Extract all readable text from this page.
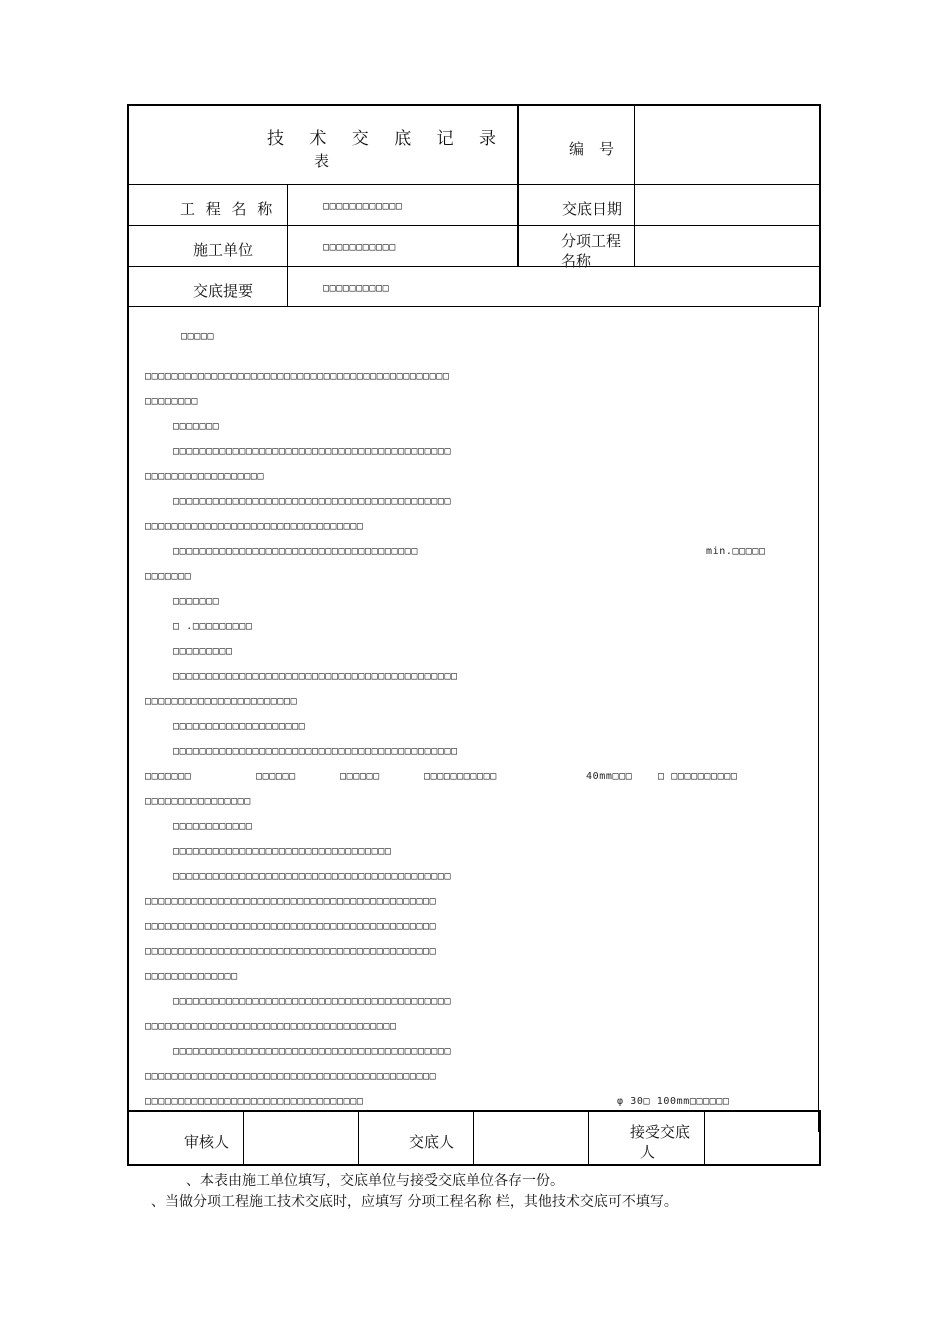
技 术 交 底 记 录
表
编　号
工 程 名 称	□□□□□□□□□□□□	交底日期
施工单位	□□□□□□□□□□□	分项工程
名称
交底提要	□□□□□□□□□□
□□□□□
□□□□□□□□□□□□□□□□□□□□□□□□□□□□□□□□□□□□□□□□□□□□□□
□□□□□□□□
□□□□□□□
□□□□□□□□□□□□□□□□□□□□□□□□□□□□□□□□□□□□□□□□□□
□□□□□□□□□□□□□□□□□□
□□□□□□□□□□□□□□□□□□□□□□□□□□□□□□□□□□□□□□□□□□
□□□□□□□□□□□□□□□□□□□□□□□□□□□□□□□□□
□□□□□□□□□□□□□□□□□□□□□□□□□□□□□□□□□□□□□	min.□□□□□
□□□□□□□
□□□□□□□
□ .□□□□□□□□□
□□□□□□□□□
□□□□□□□□□□□□□□□□□□□□□□□□□□□□□□□□□□□□□□□□□□□
□□□□□□□□□□□□□□□□□□□□□□□
□□□□□□□□□□□□□□□□□□□□
□□□□□□□□□□□□□□□□□□□□□□□□□□□□□□□□□□□□□□□□□□□
□□□□□□□	□□□□□□	□□□□□□	□□□□□□□□□□□	40mm□□□	□ □□□□□□□□□□
□□□□□□□□□□□□□□□□
□□□□□□□□□□□□
□□□□□□□□□□□□□□□□□□□□□□□□□□□□□□□□□
□□□□□□□□□□□□□□□□□□□□□□□□□□□□□□□□□□□□□□□□□□
□□□□□□□□□□□□□□□□□□□□□□□□□□□□□□□□□□□□□□□□□□□□
□□□□□□□□□□□□□□□□□□□□□□□□□□□□□□□□□□□□□□□□□□□□
□□□□□□□□□□□□□□□□□□□□□□□□□□□□□□□□□□□□□□□□□□□□
□□□□□□□□□□□□□□
□□□□□□□□□□□□□□□□□□□□□□□□□□□□□□□□□□□□□□□□□□
□□□□□□□□□□□□□□□□□□□□□□□□□□□□□□□□□□□□□□
□□□□□□□□□□□□□□□□□□□□□□□□□□□□□□□□□□□□□□□□□□
□□□□□□□□□□□□□□□□□□□□□□□□□□□□□□□□□□□□□□□□□□□□
□□□□□□□□□□□□□□□□□□□□□□□□□□□□□□□□□	φ 30□ 100mm□□□□□□
审核人	交底人
接受交底
人
、本表由施工单位填写，交底单位与接受交底单位各存一份。
、当做分项工程施工技术交底时，应填写 分项工程名称 栏，其他技术交底可不填写。
